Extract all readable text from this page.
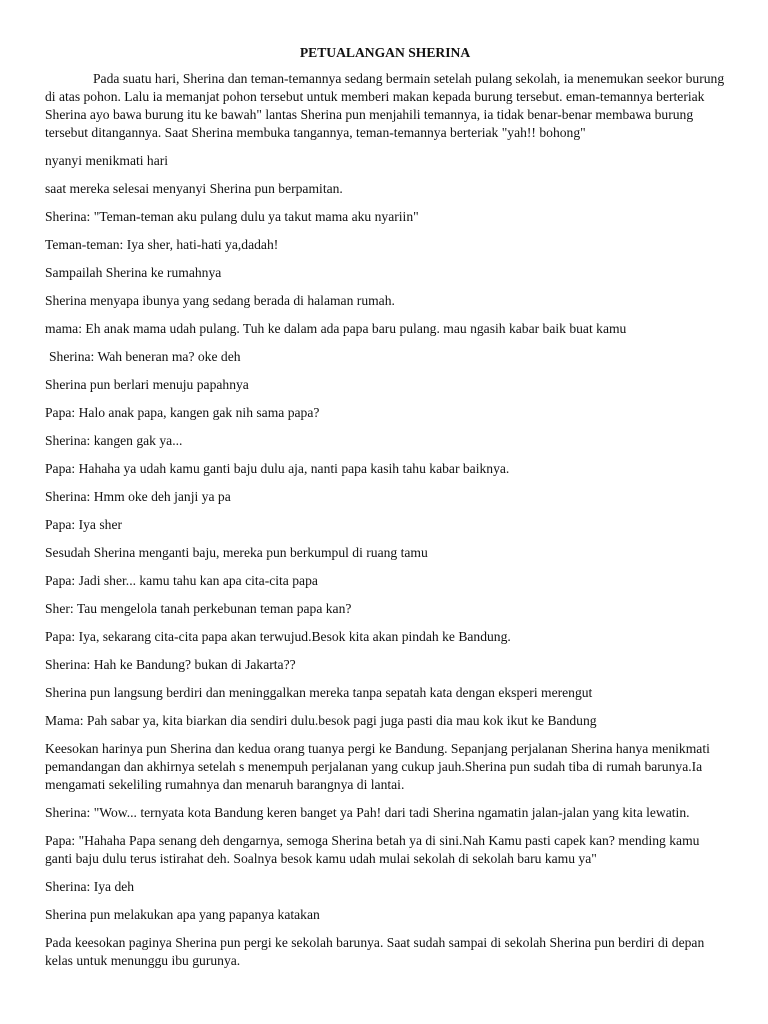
PETUALANGAN SHERINA

Pada suatu hari, Sherina dan teman-temannya sedang bermain setelah pulang sekolah, ia menemukan seekor burung di atas pohon. Lalu ia memanjat pohon tersebut untuk memberi makan kepada burung tersebut. eman-temannya berteriak Sherina ayo bawa burung itu ke bawah" lantas Sherina pun menjahili temannya, ia tidak benar-benar membawa burung tersebut ditangannya. Saat Sherina membuka tangannya, teman-temannya berteriak "yah!! bohong"

nyanyi menikmati hari

saat mereka selesai menyanyi Sherina pun berpamitan.

Sherina: "Teman-teman aku pulang dulu ya takut mama aku nyariin"

Teman-teman: Iya sher, hati-hati ya,dadah!

Sampailah Sherina ke rumahnya

Sherina menyapa ibunya yang sedang berada di halaman rumah.

mama: Eh anak mama udah pulang. Tuh ke dalam ada papa baru pulang. mau ngasih kabar baik buat kamu

Sherina: Wah beneran ma? oke deh

Sherina pun berlari menuju papahnya

Papa: Halo anak papa, kangen gak nih sama papa?

Sherina: kangen gak ya...

Papa: Hahaha ya udah kamu ganti baju dulu aja, nanti papa kasih tahu kabar baiknya.

Sherina: Hmm oke deh janji ya pa

Papa: Iya sher

Sesudah Sherina menganti baju, mereka pun berkumpul di ruang tamu

Papa: Jadi sher... kamu tahu kan apa cita-cita papa

Sher: Tau mengelola tanah perkebunan teman papa kan?

Papa: Iya, sekarang cita-cita papa akan terwujud.Besok kita akan pindah ke Bandung.

Sherina: Hah ke Bandung? bukan di Jakarta??

Sherina pun langsung berdiri dan meninggalkan mereka tanpa sepatah kata dengan eksperi merengut

Mama: Pah sabar ya, kita biarkan dia sendiri dulu.besok pagi juga pasti dia mau kok ikut ke Bandung

Keesokan harinya pun Sherina dan kedua orang tuanya pergi ke Bandung. Sepanjang perjalanan Sherina hanya menikmati pemandangan dan akhirnya setelah s menempuh perjalanan yang cukup jauh.Sherina pun sudah tiba di rumah barunya.Ia mengamati sekeliling rumahnya dan menaruh barangnya di lantai.

Sherina: "Wow... ternyata kota Bandung keren banget ya Pah! dari tadi Sherina ngamatin jalan-jalan yang kita lewatin.

Papa: "Hahaha Papa senang deh dengarnya, semoga Sherina betah ya di sini.Nah Kamu pasti capek kan? mending kamu ganti baju dulu terus istirahat deh. Soalnya besok kamu udah mulai sekolah di sekolah baru kamu ya"

Sherina: Iya deh

Sherina pun melakukan apa yang papanya katakan

Pada keesokan paginya Sherina pun pergi ke sekolah barunya. Saat sudah sampai di sekolah Sherina pun berdiri di depan kelas untuk menunggu ibu gurunya.
